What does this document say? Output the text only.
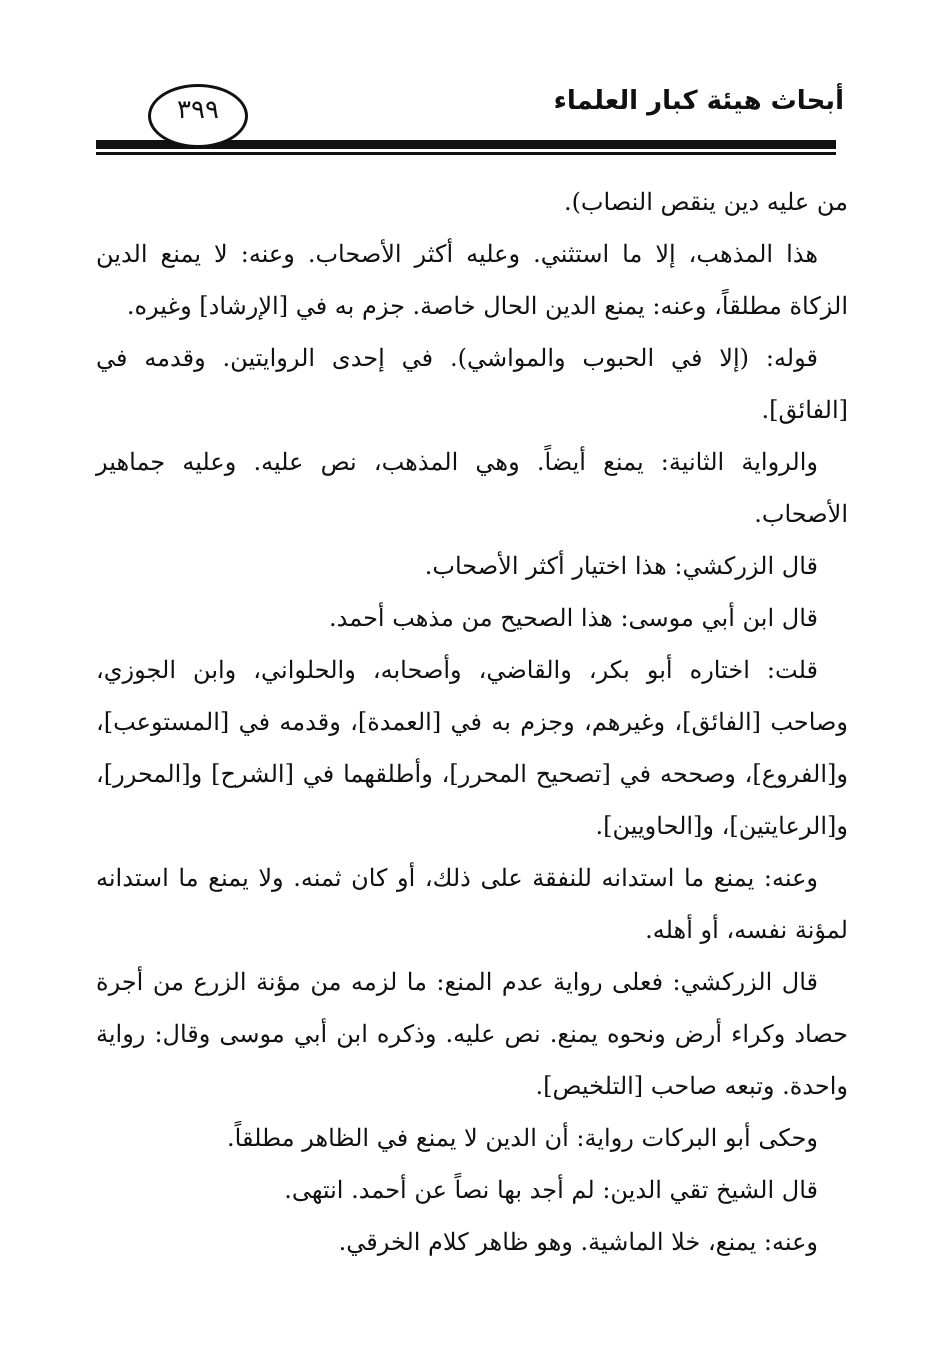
أبحاث هيئة كبار العلماء
٣٩٩

من عليه دين ينقص النصاب).

هذا المذهب، إلا ما استثني. وعليه أكثر الأصحاب. وعنه: لا يمنع الدين الزكاة مطلقاً، وعنه: يمنع الدين الحال خاصة. جزم به في [الإرشاد] وغيره.

قوله: (إلا في الحبوب والمواشي). في إحدى الروايتين. وقدمه في [الفائق].

والرواية الثانية: يمنع أيضاً. وهي المذهب، نص عليه. وعليه جماهير الأصحاب.

قال الزركشي: هذا اختيار أكثر الأصحاب.

قال ابن أبي موسى: هذا الصحيح من مذهب أحمد.

قلت: اختاره أبو بكر، والقاضي، وأصحابه، والحلواني، وابن الجوزي، وصاحب [الفائق]، وغيرهم، وجزم به في [العمدة]، وقدمه في [المستوعب]، و[الفروع]، وصححه في [تصحيح المحرر]، وأطلقهما في [الشرح] و[المحرر]، و[الرعايتين]، و[الحاويين].

وعنه: يمنع ما استدانه للنفقة على ذلك، أو كان ثمنه. ولا يمنع ما استدانه لمؤنة نفسه، أو أهله.

قال الزركشي: فعلى رواية عدم المنع: ما لزمه من مؤنة الزرع من أجرة حصاد وكراء أرض ونحوه يمنع. نص عليه. وذكره ابن أبي موسى وقال: رواية واحدة. وتبعه صاحب [التلخيص].

وحكى أبو البركات رواية: أن الدين لا يمنع في الظاهر مطلقاً.

قال الشيخ تقي الدين: لم أجد بها نصاً عن أحمد. انتهى.

وعنه: يمنع، خلا الماشية. وهو ظاهر كلام الخرقي.
